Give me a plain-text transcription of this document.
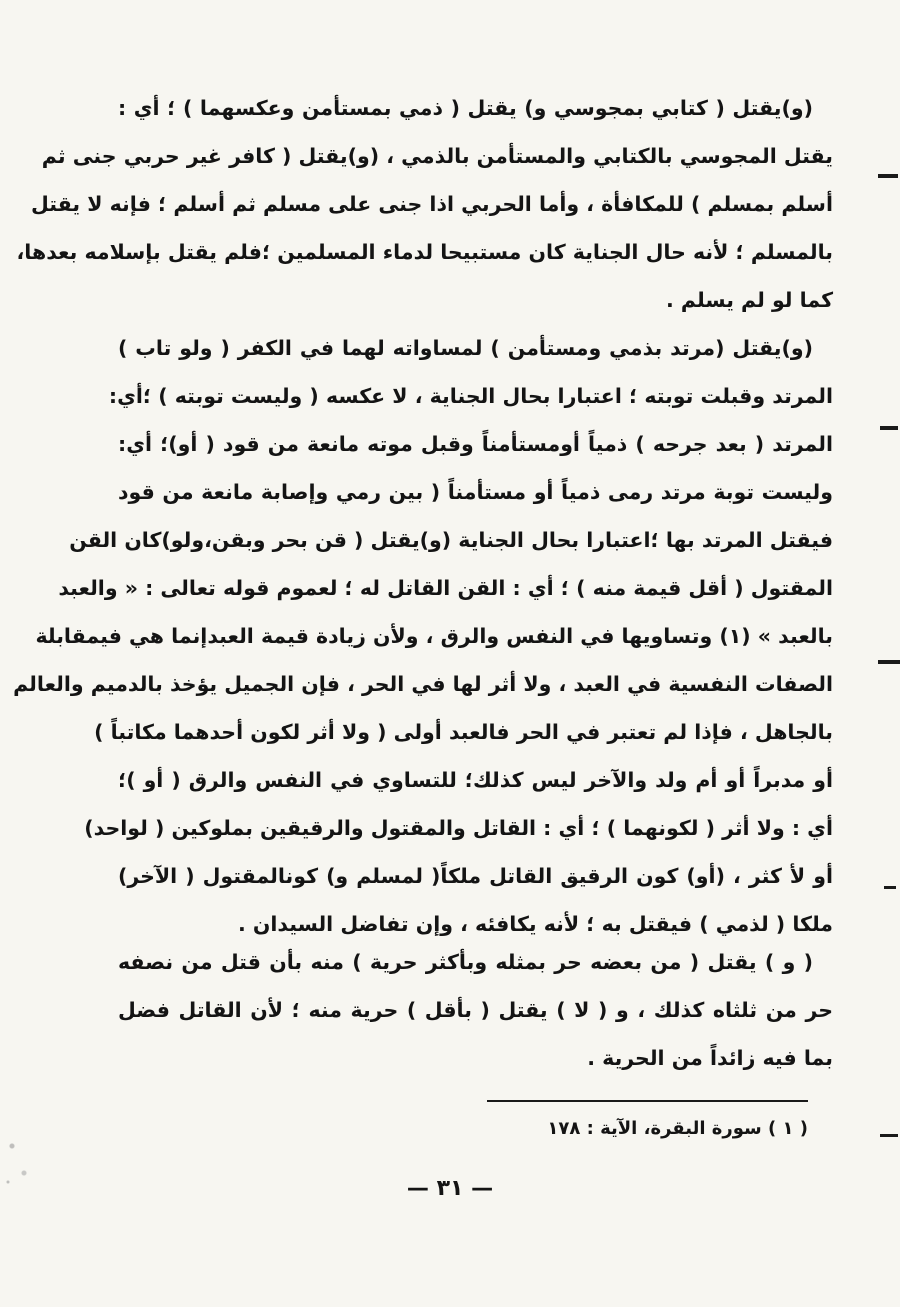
(و)يقتل ( كتابي بمجوسي و) يقتل ( ذمي بمستأمن وعكسهما ) ؛ أي :
يقتل المجوسي بالكتابي والمستأمن بالذمي ، (و)يقتل ( كافر غير حربي جنى ثم
أسلم بمسلم ) للمكافأة ، وأما الحربي اذا جنى على مسلم ثم أسلم ؛ فإنه لا يقتل
بالمسلم ؛ لأنه حال الجناية كان مستبيحا لدماء المسلمين ؛فلم يقتل بإسلامه بعدها،
كما لو لم يسلم .
(و)يقتل (مرتد بذمي ومستأمن ) لمساواته لهما في الكفر ( ولو تاب )
المرتد وقبلت توبته ؛ اعتبارا بحال الجناية ، لا عكسه ( وليست توبته ) ؛أي:
المرتد ( بعد جرحه ) ذمياً أومستأمناً وقبل موته مانعة من قود ( أو)؛ أي:
وليست توبة مرتد رمى ذمياً أو مستأمناً ( بين رمي وإصابة مانعة من قود
فيقتل المرتد بها ؛اعتبارا بحال الجناية (و)يقتل ( قن بحر وبقن،ولو)كان القن
المقتول ( أقل قيمة منه ) ؛ أي : القن القاتل له ؛ لعموم قوله تعالى : « والعبد
بالعبد » (١) وتساويها في النفس والرق ، ولأن زيادة قيمة العبدإنما هي فيمقابلة
الصفات النفسية في العبد ، ولا أثر لها في الحر ، فإن الجميل يؤخذ بالدميم والعالم
بالجاهل ، فإذا لم تعتبر في الحر فالعبد أولى ( ولا أثر لكون أحدهما مكاتباً )
أو مدبراً أو أم ولد والآخر ليس كذلك؛ للتساوي في النفس والرق ( أو )؛
أي : ولا أثر ( لكونهما ) ؛ أي : القاتل والمقتول والرقيقين بملوكين ( لواحد)
أو لأ كثر ، (أو) كون الرقيق القاتل ملكاً( لمسلم و) كونالمقتول ( الآخر)
ملكا ( لذمي ) فيقتل به ؛ لأنه يكافئه ، وإن تفاضل السيدان .
( و ) يقتل ( من بعضه حر بمثله وبأكثر حرية ) منه بأن قتل من نصفه
حر من ثلثاه كذلك ، و ( لا ) يقتل ( بأقل ) حرية منه ؛ لأن القاتل فضل
بما فيه زائداً من الحرية .
( ١ ) سورة البقرة، الآية : ١٧٨
— ٣١ —
